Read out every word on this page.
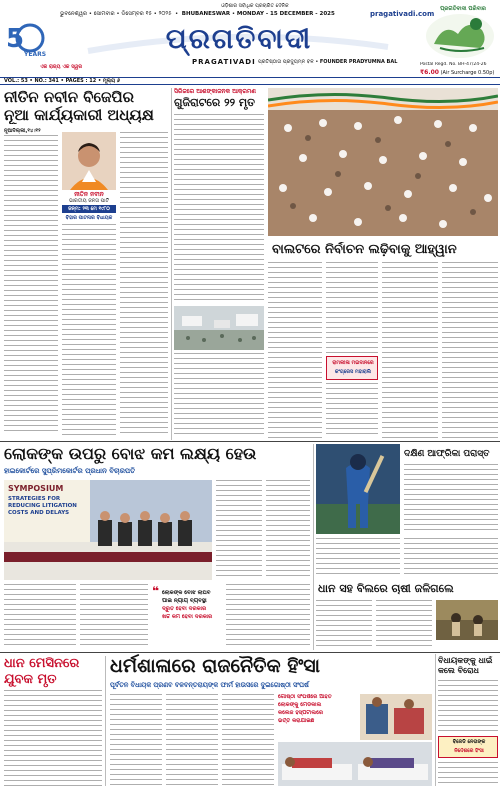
5
YEARS
ଏକ ରାଜ୍ୟ ଏକ ସ୍ୱର
ଓଡ଼ିଶାର ସର୍ବାଧିକ ପ୍ରଚାରିତ ଦୈନିକ
ଭୁବନେଶ୍ୱର • ସୋମବାର • ଡିସେମ୍ବର ୧୫ • ୨୦୨୫  •  BHUBANESWAR • MONDAY - 15 DECEMBER - 2025	pragativadi.com
ପ୍ରଗତିବାଦୀ
PRAGATIVADI ପ୍ରତିଷ୍ଠାତା ପ୍ରଦ୍ୟୁମ୍ନ ବଳ • FOUNDER PRADYUMNA BAL
ପ୍ରଗତିବାଦୀ ପରିବାର
Postal Regd. No. BH-47/24-26
₹6.00 (Air Surcharge 0.50p)
VOL.: 53 • NO.: 341 • PAGES : 12 • ମୂଲ୍ୟ ୬
ନୀତିନ ନବୀନ ବିଜେପିର
ନୂଆ କାର୍ଯ୍ୟକାରୀ ଅଧ୍ୟକ୍ଷ
ନୂଆଦିଲ୍ଲୀ,୧୪।୧୨
ନୀତିନ ନବୀନ
ଭାରତୀୟ ଜନତା ପାର୍ଟି
ଜନ୍ମ: ୨୩ ମେ ୧୯୮୦
ବିହାର ପାଟନାର ବିଧାୟକ
ସିରିଜରେ ଆଶଙ୍କାଜନକ ଆକ୍ରମଣ
ଗୁଜିରାଟରେ ୨୨ ମୃତ
ବାଲଟରେ ନିର୍ବାଚନ ଲଢ଼ିବାକୁ ଆହ୍ୱାନ
ରାମଲୀଳା ମଇଦାନରେ
କଂଗ୍ରେସ ମହାରାଲି
ଲୋକଙ୍କ ଉପରୁ ବୋଝ କମ ଲକ୍ଷ୍ୟ ହେଉ
ହାଇକୋର୍ଟରେ ସୁପ୍ରିମକୋର୍ଟର ପ୍ରଧାନ ବିଚାରପତି
SYMPOSIUM
STRATEGIES FOR REDUCING LITIGATION COSTS AND DELAYS
❝ ଲୋକଙ୍କ ବୋଝ ଲାଘବ
ପାଇଁ ନ୍ୟାୟ ବ୍ୟବସ୍ଥା
ଦ୍ରୁତ ହେବା ଦରକାର
ଖର୍ଚ୍ଚ କମ ହେବା ଦରକାର
ଦକ୍ଷିଣ ଆଫ୍ରିକା ପରାସ୍ତ
ଧାନ ସହ ବିଲରେ ଚାଷୀ ଜଳିଗଲେ
ଧାନ ମେସିନରେ
ଯୁବକ ମୃତ
ଧର୍ମଶାଳାରେ ରାଜନୈତିକ ହିଂସା
ପୂର୍ବତନ ବିଧାୟକ ପ୍ରଣବ ବଳବନ୍ତରାୟଙ୍କ ଫାର୍ମ ହାଉସରେ ଦୁଇଗୋଷ୍ଠୀ ସଂଘର୍ଷ
ଗୋଷ୍ଠୀ ସଂଘର୍ଷରେ ଆହତ
ଲୋକଙ୍କୁ ମେଡିକାଲ
କଲେଜ ହସ୍ପିଟାଲରେ
ଭର୍ତ୍ତି କରାଯାଇଛି
ବିଧାୟକଙ୍କୁ ଧାଇଁ
କଲେ ବିରୋଧ
ବିଜେଡି ନେତାଙ୍କ
ନିର୍ଦ୍ଦେଶରେ ହିଂସା
